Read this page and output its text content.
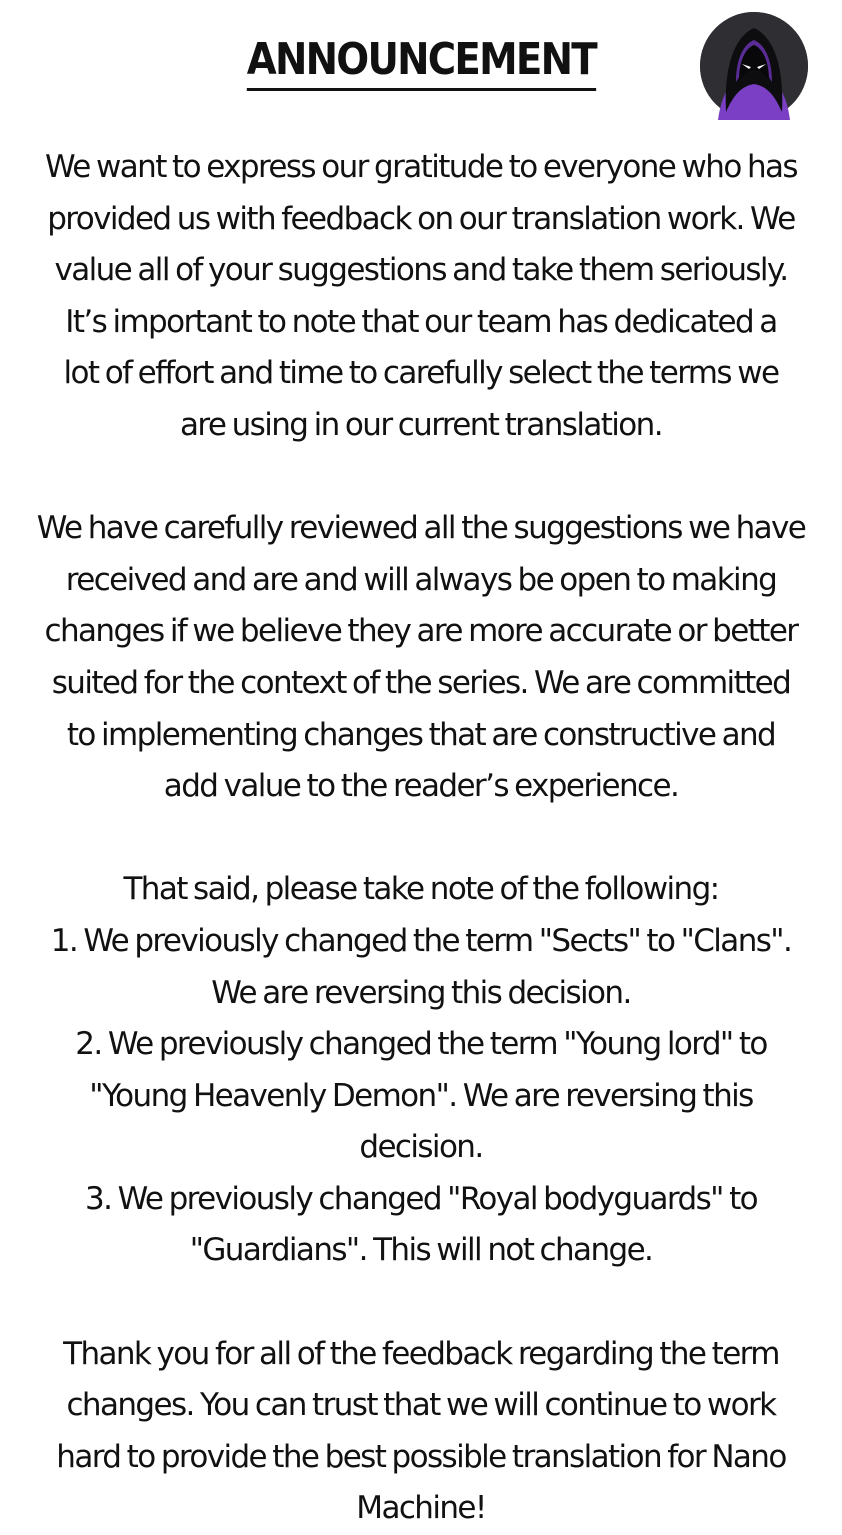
ANNOUNCEMENT

We want to express our gratitude to everyone who has
provided us with feedback on our translation work. We
value all of your suggestions and take them seriously.
It’s important to note that our team has dedicated a
lot of effort and time to carefully select the terms we
are using in our current translation.

We have carefully reviewed all the suggestions we have
received and are and will always be open to making
changes if we believe they are more accurate or better
suited for the context of the series. We are committed
to implementing changes that are constructive and
add value to the reader’s experience.

That said, please take note of the following:
1. We previously changed the term "Sects" to "Clans".
We are reversing this decision.
2. We previously changed the term "Young lord" to
"Young Heavenly Demon". We are reversing this
decision.
3. We previously changed "Royal bodyguards" to
"Guardians". This will not change.

Thank you for all of the feedback regarding the term
changes. You can trust that we will continue to work
hard to provide the best possible translation for Nano
Machine!
